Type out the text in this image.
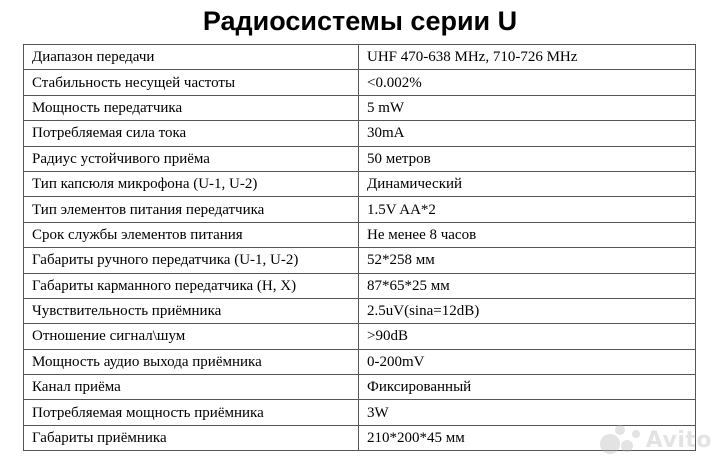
Радиосистемы серии U
Диапазон передачи	UHF 470-638 MHz, 710-726 MHz
Стабильность несущей частоты	<0.002%
Мощность передатчика	5 mW
Потребляемая сила тока	30mA
Радиус устойчивого приёма	50 метров
Тип капсюля микрофона (U-1, U-2)	Динамический
Тип элементов питания передатчика	1.5V AA*2
Срок службы элементов питания	Не менее 8 часов
Габариты ручного передатчика (U-1, U-2)	52*258 мм
Габариты карманного передатчика (H, X)	87*65*25 мм
Чувствительность приёмника	2.5uV(sina=12dB)
Отношение сигнал\шум	>90dB
Мощность аудио выхода приёмника	0-200mV
Канал приёма	Фиксированный
Потребляемая мощность приёмника	3W
Габариты приёмника	210*200*45 мм	Avito
